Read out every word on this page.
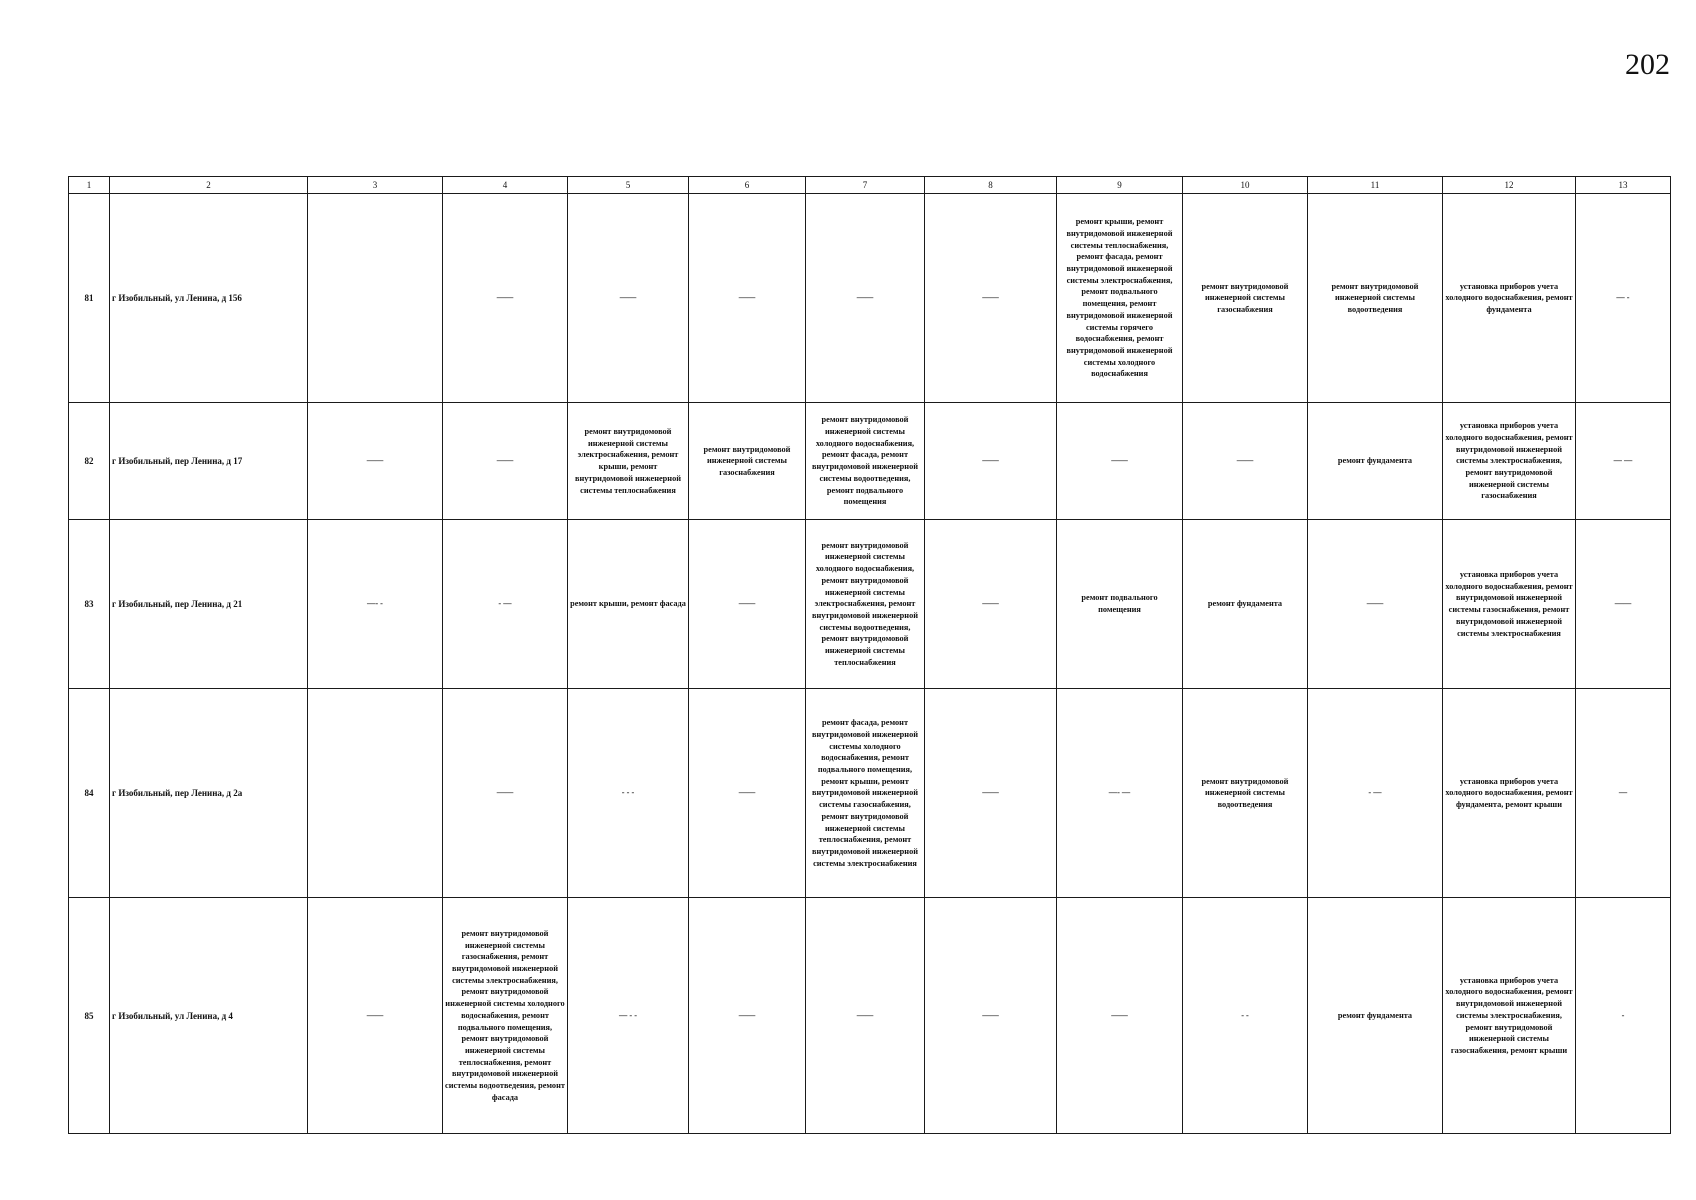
202
1	2	3	4	5	6	7	8	9	10	11	12	13
81	г Изобильный, ул Ленина, д 156		——	——	——	——	——	ремонт крыши, ремонт внутридомовой инженерной системы теплоснабжения, ремонт фасада, ремонт внутридомовой инженерной системы электроснабжения, ремонт подвального помещения, ремонт внутридомовой инженерной системы горячего водоснабжения, ремонт внутридомовой инженерной системы холодного водоснабжения	ремонт внутридомовой инженерной системы газоснабжения	ремонт внутридомовой инженерной системы водоотведения	установка приборов учета холодного водоснабжения, ремонт фундамента	— -
82	г Изобильный, пер Ленина, д 17	——	——	ремонт внутридомовой инженерной системы электроснабжения, ремонт крыши, ремонт внутридомовой инженерной системы теплоснабжения	ремонт внутридомовой инженерной системы газоснабжения	ремонт внутридомовой инженерной системы холодного водоснабжения, ремонт фасада, ремонт внутридомовой инженерной системы водоотведения, ремонт подвального помещения	——	——	——	ремонт фундамента	установка приборов учета холодного водоснабжения, ремонт внутридомовой инженерной системы электроснабжения, ремонт внутридомовой инженерной системы газоснабжения	— —
83	г Изобильный, пер Ленина, д 21	—- -	- —	ремонт крыши, ремонт фасада	——	ремонт внутридомовой инженерной системы холодного водоснабжения, ремонт внутридомовой инженерной системы электроснабжения, ремонт внутридомовой инженерной системы водоотведения, ремонт внутридомовой инженерной системы теплоснабжения	——	ремонт подвального помещения	ремонт фундамента	——	установка приборов учета холодного водоснабжения, ремонт внутридомовой инженерной системы газоснабжения, ремонт внутридомовой инженерной системы электроснабжения	——
84	г Изобильный, пер Ленина, д 2а		——	- - -	——	ремонт фасада, ремонт внутридомовой инженерной системы холодного водоснабжения, ремонт подвального помещения, ремонт крыши, ремонт внутридомовой инженерной системы газоснабжения, ремонт внутридомовой инженерной системы теплоснабжения, ремонт внутридомовой инженерной системы электроснабжения	——	—- —	ремонт внутридомовой инженерной системы водоотведения	- —	установка приборов учета холодного водоснабжения, ремонт фундамента, ремонт крыши	—
85	г Изобильный, ул Ленина, д 4	——	ремонт внутридомовой инженерной системы газоснабжения, ремонт внутридомовой инженерной системы электроснабжения, ремонт внутридомовой инженерной системы холодного водоснабжения, ремонт подвального помещения, ремонт внутридомовой инженерной системы теплоснабжения, ремонт внутридомовой инженерной системы водоотведения, ремонт фасада	— - -	——	——	——	——	- -	ремонт фундамента	установка приборов учета холодного водоснабжения, ремонт внутридомовой инженерной системы электроснабжения, ремонт внутридомовой инженерной системы газоснабжения, ремонт крыши	-
